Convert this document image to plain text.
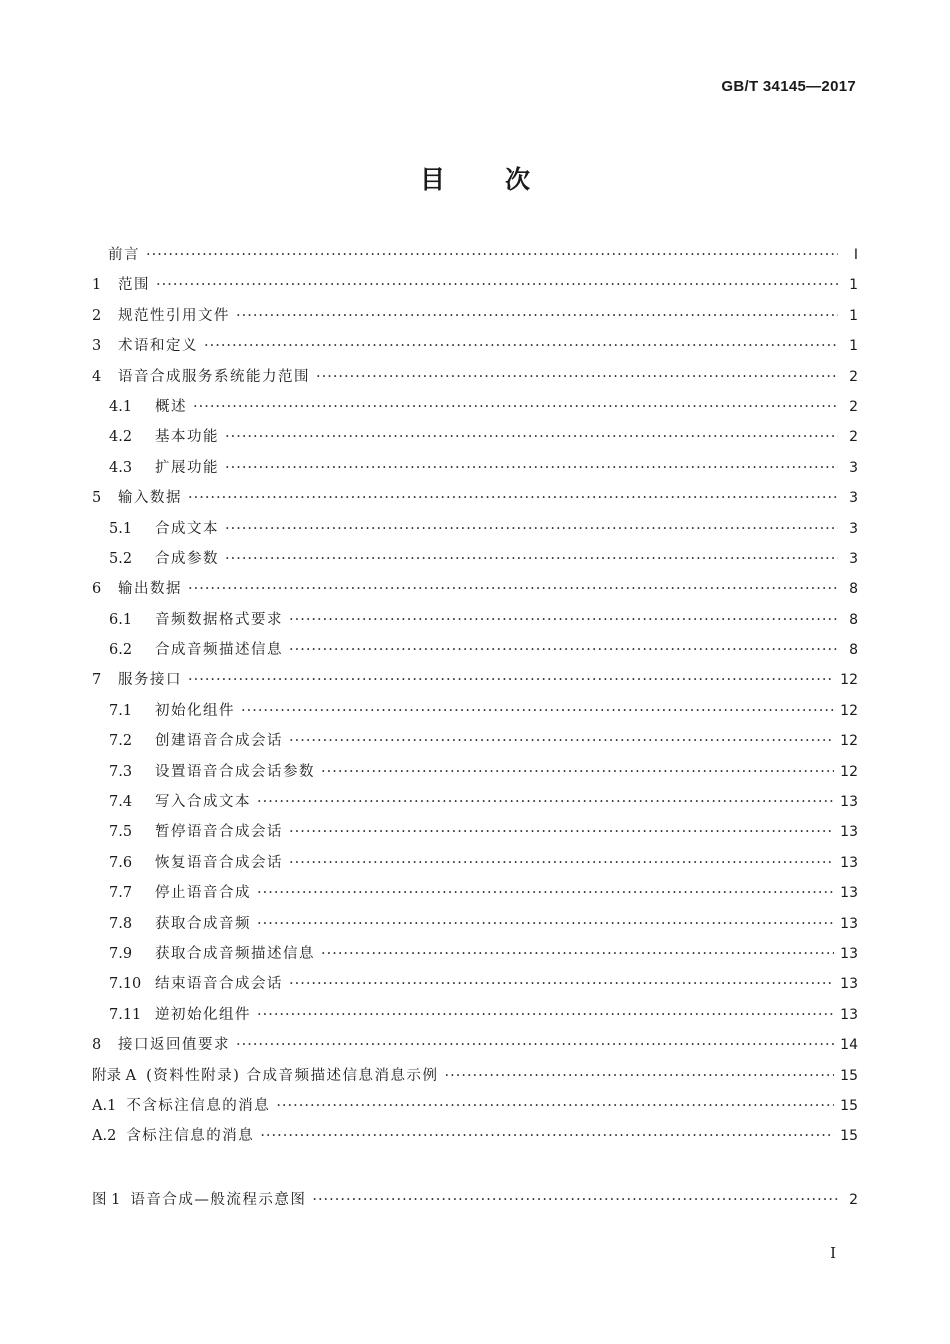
GB/T 34145—2017
目 次
前言 ·····	Ⅰ
1	范围 ·····	1
2	规范性引用文件 ·····	1
3	术语和定义 ·····	1
4	语音合成服务系统能力范围 ·····	2
4.1	概述 ·····	2
4.2	基本功能 ·····	2
4.3	扩展功能 ·····	3
5	输入数据 ·····	3
5.1	合成文本 ·····	3
5.2	合成参数 ·····	3
6	输出数据 ·····	8
6.1	音频数据格式要求 ·····	8
6.2	合成音频描述信息 ·····	8
7	服务接口 ·····	12
7.1	初始化组件 ·····	12
7.2	创建语音合成会话 ·····	12
7.3	设置语音合成会话参数 ·····	12
7.4	写入合成文本 ·····	13
7.5	暂停语音合成会话 ·····	13
7.6	恢复语音合成会话 ·····	13
7.7	停止语音合成 ·····	13
7.8	获取合成音频 ·····	13
7.9	获取合成音频描述信息 ·····	13
7.10 结束语音合成会话 ·····	13
7.11 逆初始化组件 ·····	13
8	接口返回值要求 ·····	14
附录 A (资料性附录) 合成音频描述信息消息示例 ·····	15
A.1 不含标注信息的消息 ·····	15
A.2 含标注信息的消息 ·····	15
图 1 语音合成—般流程示意图 ·····	2
Ⅰ
